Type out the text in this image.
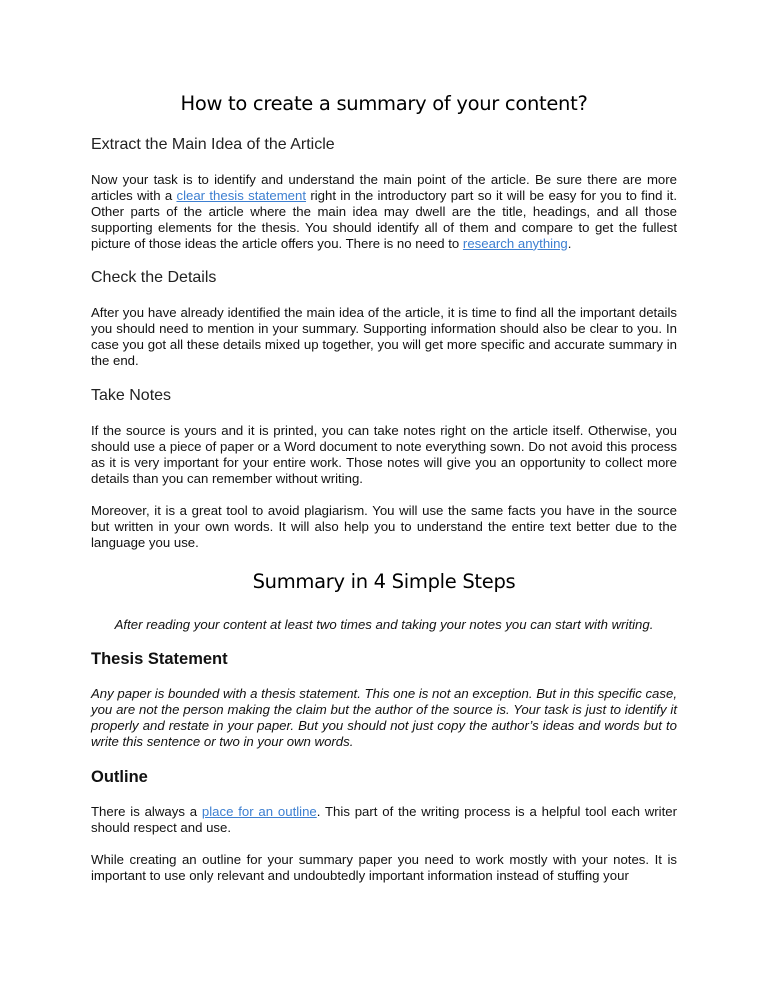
How to create a summary of your content?
Extract the Main Idea of the Article

Now your task is to identify and understand the main point of the article. Be sure there are more articles with a clear thesis statement right in the introductory part so it will be easy for you to find it. Other parts of the article where the main idea may dwell are the title, headings, and all those supporting elements for the thesis. You should identify all of them and compare to get the fullest picture of those ideas the article offers you. There is no need to research anything.

Check the Details

After you have already identified the main idea of the article, it is time to find all the important details you should need to mention in your summary. Supporting information should also be clear to you. In case you got all these details mixed up together, you will get more specific and accurate summary in the end.

Take Notes

If the source is yours and it is printed, you can take notes right on the article itself. Otherwise, you should use a piece of paper or a Word document to note everything sown. Do not avoid this process as it is very important for your entire work. Those notes will give you an opportunity to collect more details than you can remember without writing.

Moreover, it is a great tool to avoid plagiarism. You will use the same facts you have in the source but written in your own words. It will also help you to understand the entire text better due to the language you use.

Summary in 4 Simple Steps
After reading your content at least two times and taking your notes you can start with writing.
Thesis Statement

Any paper is bounded with a thesis statement. This one is not an exception. But in this specific case, you are not the person making the claim but the author of the source is. Your task is just to identify it properly and restate in your paper. But you should not just copy the author’s ideas and words but to write this sentence or two in your own words.

Outline

There is always a place for an outline. This part of the writing process is a helpful tool each writer should respect and use.

While creating an outline for your summary paper you need to work mostly with your notes. It is important to use only relevant and undoubtedly important information instead of stuffing your
